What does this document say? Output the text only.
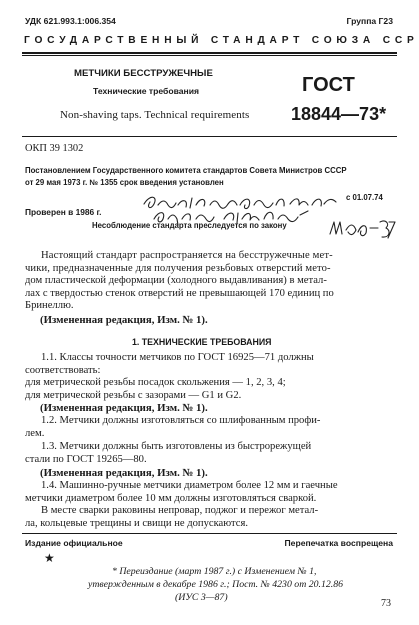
УДК 621.993.1:006.354	Группа Г23
ГОСУДАРСТВЕННЫЙ СТАНДАРТ СОЮЗА ССР
МЕТЧИКИ БЕССТРУЖЕЧНЫЕ
Технические требования
Non-shaving taps. Technical requirements
ГОСТ
18844—73*
ОКП 39 1302
Постановлением Государственного комитета стандартов Совета Министров СССР
от 29 мая 1973 г. № 1355 срок введения установлен
с 01.07.74
Проверен в 1986 г.
Несоблюдение стандарта преследуется по закону
Настоящий стандарт распространяется на бесстружечные мет-
чики, предназначенные для получения резьбовых отверстий мето-
дом пластической деформации (холодного выдавливания) в метал-
лах с твердостью стенок отверстий не превышающей 170 единиц по
Бринеллю.
(Измененная редакция, Изм. № 1).
1. ТЕХНИЧЕСКИЕ ТРЕБОВАНИЯ
1.1. Классы точности метчиков по ГОСТ 16925—71 должны
соответствовать:
для метрической резьбы посадок скольжения — 1, 2, 3, 4;
для метрической резьбы с зазорами — G1 и G2.
(Измененная редакция, Изм. № 1).
1.2. Метчики должны изготовляться со шлифованным профи-
лем.
1.3. Метчики должны быть изготовлены из быстрорежущей
стали по ГОСТ 19265—80.
(Измененная редакция, Изм. № 1).
1.4. Машинно-ручные метчики диаметром более 12 мм и гаечные
метчики диаметром более 10 мм должны изготовляться сваркой.
В месте сварки раковины непровар, поджог и пережог метал-
ла, кольцевые трещины и свищи не допускаются.
Издание официальное	Перепечатка воспрещена
★
* Переиздание (март 1987 г.) с Изменением № 1,
утвержденным в декабре 1986 г.; Пост. № 4230 от 20.12.86
(ИУС 3—87)
73
